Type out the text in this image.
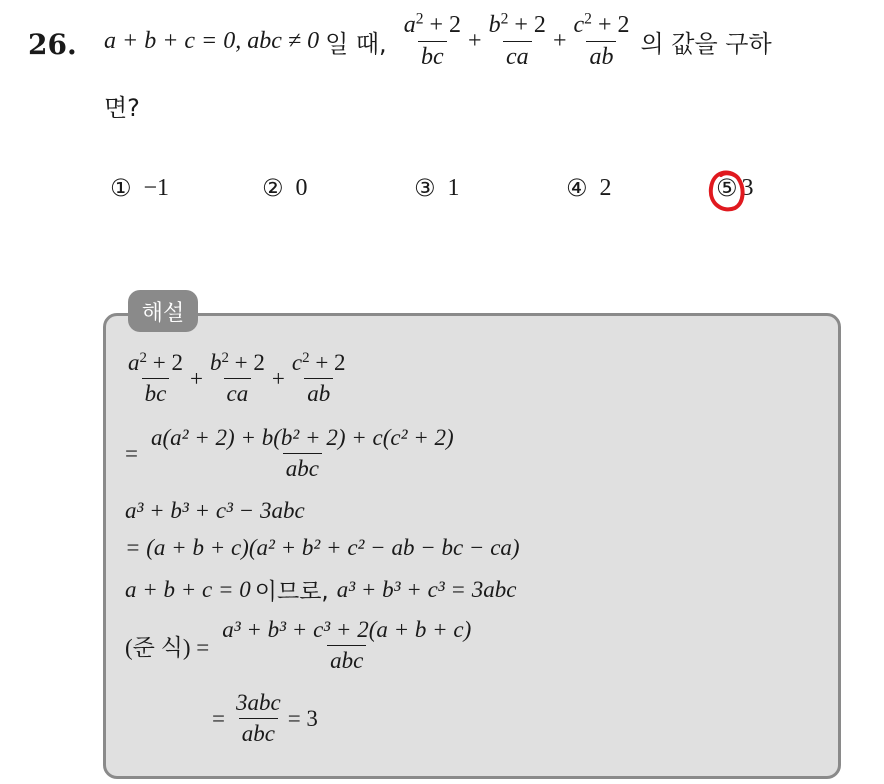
26. a + b + c = 0, abc ≠ 0 일 때, $\frac{a^2 + 2}{bc} + \frac{b^2 + 2}{ca} + \frac{c^2 + 2}{ab}$ 의 값을 구하
면?
① −1	② 0	③ 1	④ 2	⑤ 3
해설
$\frac{a^2 + 2}{bc} + \frac{b^2 + 2}{ca} + \frac{c^2 + 2}{ab}$
= $\frac{\text{a(a² + 2) + b(b² + 2) + c(c² + 2)}}{\text{abc}}$
a³ + b³ + c³ − 3abc
= (a + b + c)(a² + b² + c² − ab − bc − ca)
a + b + c = 0 이므로, a³ + b³ + c³ = 3abc
(준 식) = $\frac{\text{a³ + b³ + c³ + 2(a + b + c)}}{\text{abc}}$
= $\frac{\text{3abc}}{\text{abc}} = 3$
